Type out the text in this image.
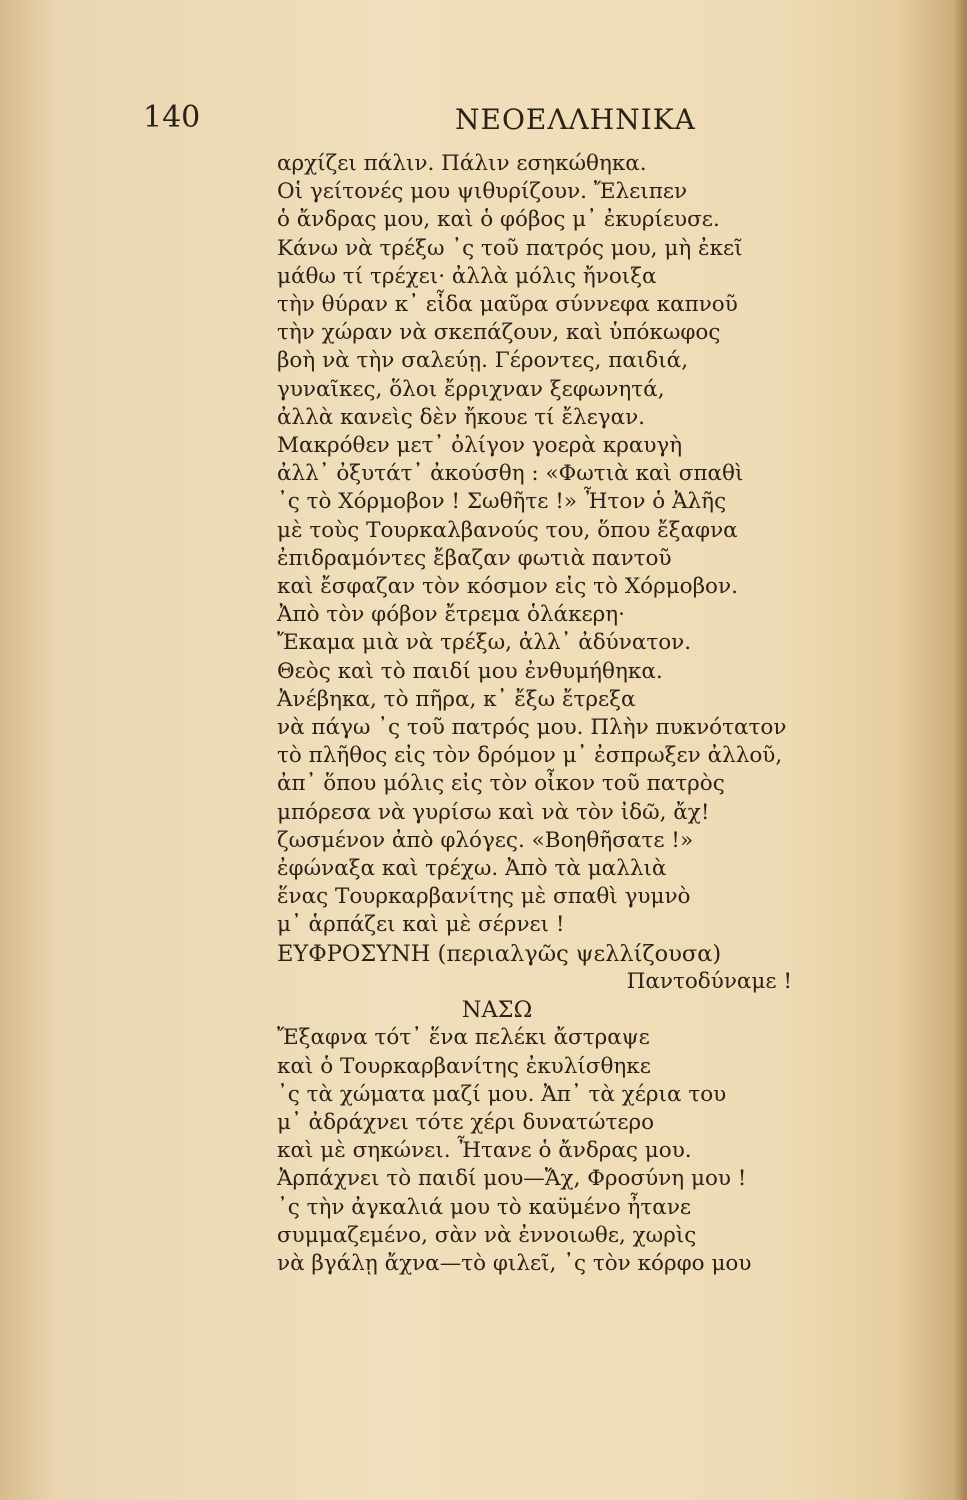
140	ΝΕΟΕΛΛΗΝΙΚΑ
αρχίζει πάλιν. Πάλιν εσηκώθηκα.
Οἱ γείτονές μου ψιθυρίζουν. Ἔλειπεν
ὁ ἄνδρας μου, καὶ ὁ φόβος μ᾽ ἐκυρίευσε.
Κάνω νὰ τρέξω ᾽ς τοῦ πατρός μου, μὴ ἐκεῖ
μάθω τί τρέχει· ἀλλὰ μόλις ἤνοιξα
τὴν θύραν κ᾽ εἶδα μαῦρα σύννεφα καπνοῦ
τὴν χώραν νὰ σκεπάζουν, καὶ ὑπόκωφος
βοὴ νὰ τὴν σαλεύῃ. Γέροντες, παιδιά,
γυναῖκες, ὅλοι ἔρριχναν ξεφωνητά,
ἀλλὰ κανεὶς δὲν ἤκουε τί ἔλεγαν.
Μακρόθεν μετ᾽ ὀλίγον γοερὰ κραυγὴ
ἀλλ᾽ ὀξυτάτ᾽ ἀκούσθη : «Φωτιὰ καὶ σπαθὶ
᾽ς τὸ Χόρμοβον ! Σωθῆτε !» Ἦτον ὁ Ἀλῆς
μὲ τοὺς Τουρκαλβανούς του, ὅπου ἔξαφνα
ἐπιδραμόντες ἔβαζαν φωτιὰ παντοῦ
καὶ ἔσφαζαν τὸν κόσμον εἰς τὸ Χόρμοβον.
Ἀπὸ τὸν φόβον ἔτρεμα ὁλάκερη·
Ἔκαμα μιὰ νὰ τρέξω, ἀλλ᾽ ἀδύνατον.
Θεὸς καὶ τὸ παιδί μου ἐνθυμήθηκα.
Ἀνέβηκα, τὸ πῆρα, κ᾽ ἔξω ἔτρεξα
νὰ πάγω ᾽ς τοῦ πατρός μου. Πλὴν πυκνότατον
τὸ πλῆθος εἰς τὸν δρόμον μ᾽ ἐσπρωξεν ἀλλοῦ,
ἀπ᾽ ὅπου μόλις εἰς τὸν οἶκον τοῦ πατρὸς
μπόρεσα νὰ γυρίσω καὶ νὰ τὸν ἰδῶ, ἄχ!
ζωσμένον ἀπὸ φλόγες. «Βοηθῆσατε !»
ἐφώναξα καὶ τρέχω. Ἀπὸ τὰ μαλλιὰ
ἕνας Τουρκαρβανίτης μὲ σπαθὶ γυμνὸ
μ᾽ ἁρπάζει καὶ μὲ σέρνει !
ΕΥΦΡΟΣΥΝΗ (περιαλγῶς ψελλίζουσα)
Παντοδύναμε !
ΝΑΣΩ
Ἔξαφνα τότ᾽ ἕνα πελέκι ἄστραψε
καὶ ὁ Τουρκαρβανίτης ἐκυλίσθηκε
᾽ς τὰ χώματα μαζί μου. Ἀπ᾽ τὰ χέρια του
μ᾽ ἀδράχνει τότε χέρι δυνατώτερο
καὶ μὲ σηκώνει. Ἦτανε ὁ ἄνδρας μου.
Ἀρπάχνει τὸ παιδί μου—Ἄχ, Φροσύνη μου !
᾽ς τὴν ἀγκαλιά μου τὸ καϋμένο ἦτανε
συμμαζεμένο, σὰν νὰ ἐννοιωθε, χωρὶς
νὰ βγάλῃ ἄχνα—τὸ φιλεῖ, ᾽ς τὸν κόρφο μου
